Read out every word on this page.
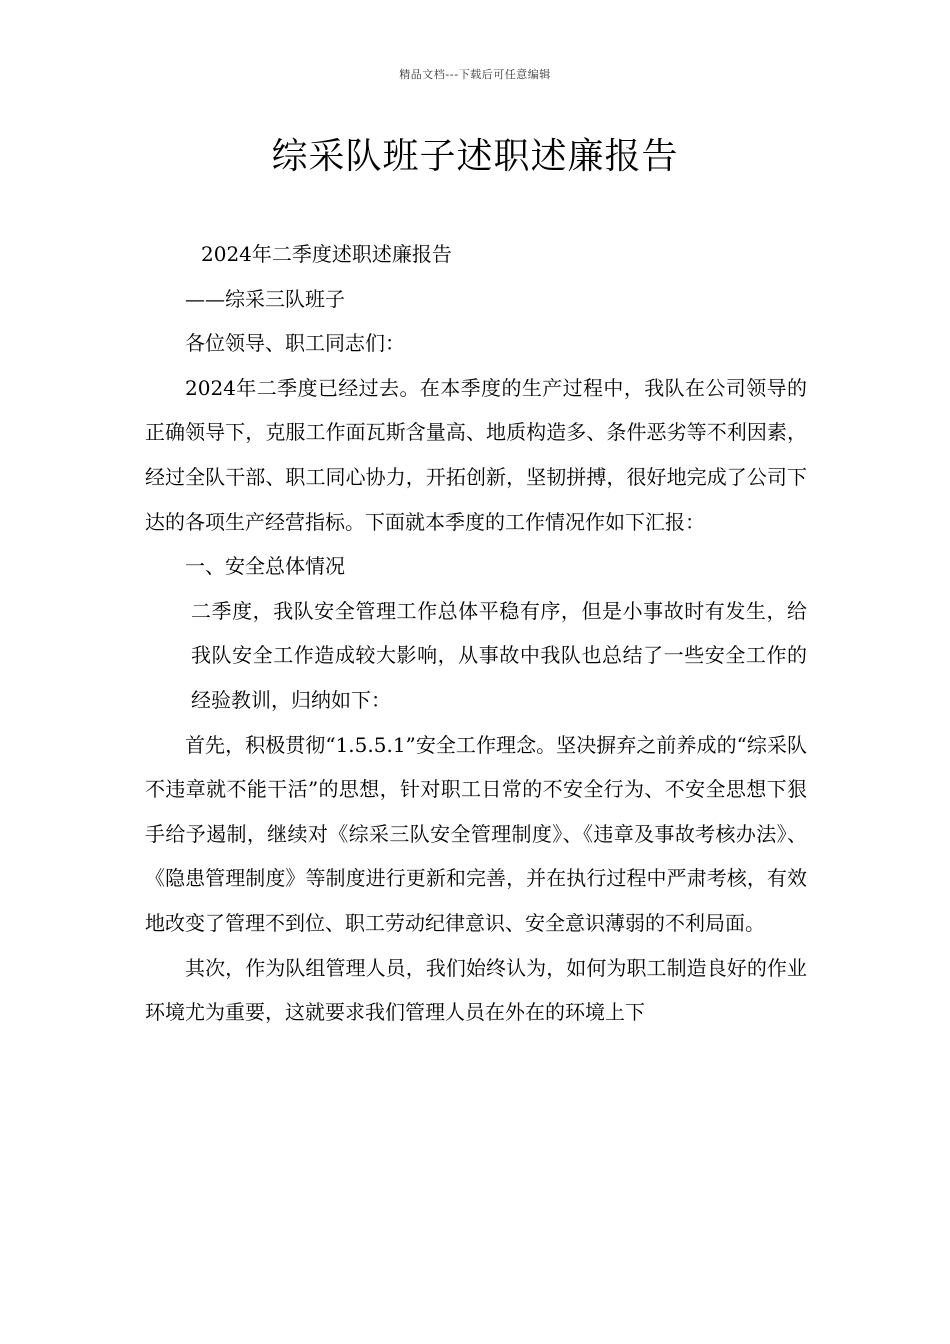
精品文档---下载后可任意编辑
综采队班子述职述廉报告

2024年二季度述职述廉报告

——综采三队班子

各位领导、职工同志们：

2024年二季度已经过去。在本季度的生产过程中，我队在公司领导的正确领导下，克服工作面瓦斯含量高、地质构造多、条件恶劣等不利因素，经过全队干部、职工同心协力，开拓创新，坚韧拼搏，很好地完成了公司下达的各项生产经营指标。下面就本季度的工作情况作如下汇报：

一、安全总体情况

二季度，我队安全管理工作总体平稳有序，但是小事故时有发生，给我队安全工作造成较大影响，从事故中我队也总结了一些安全工作的经验教训，归纳如下：

首先，积极贯彻“1.5.5.1”安全工作理念。坚决摒弃之前养成的“综采队不违章就不能干活”的思想，针对职工日常的不安全行为、不安全思想下狠手给予遏制，继续对《综采三队安全管理制度》、《违章及事故考核办法》、《隐患管理制度》等制度进行更新和完善，并在执行过程中严肃考核，有效地改变了管理不到位、职工劳动纪律意识、安全意识薄弱的不利局面。

其次，作为队组管理人员，我们始终认为，如何为职工制造良好的作业环境尤为重要，这就要求我们管理人员在外在的环境上下
